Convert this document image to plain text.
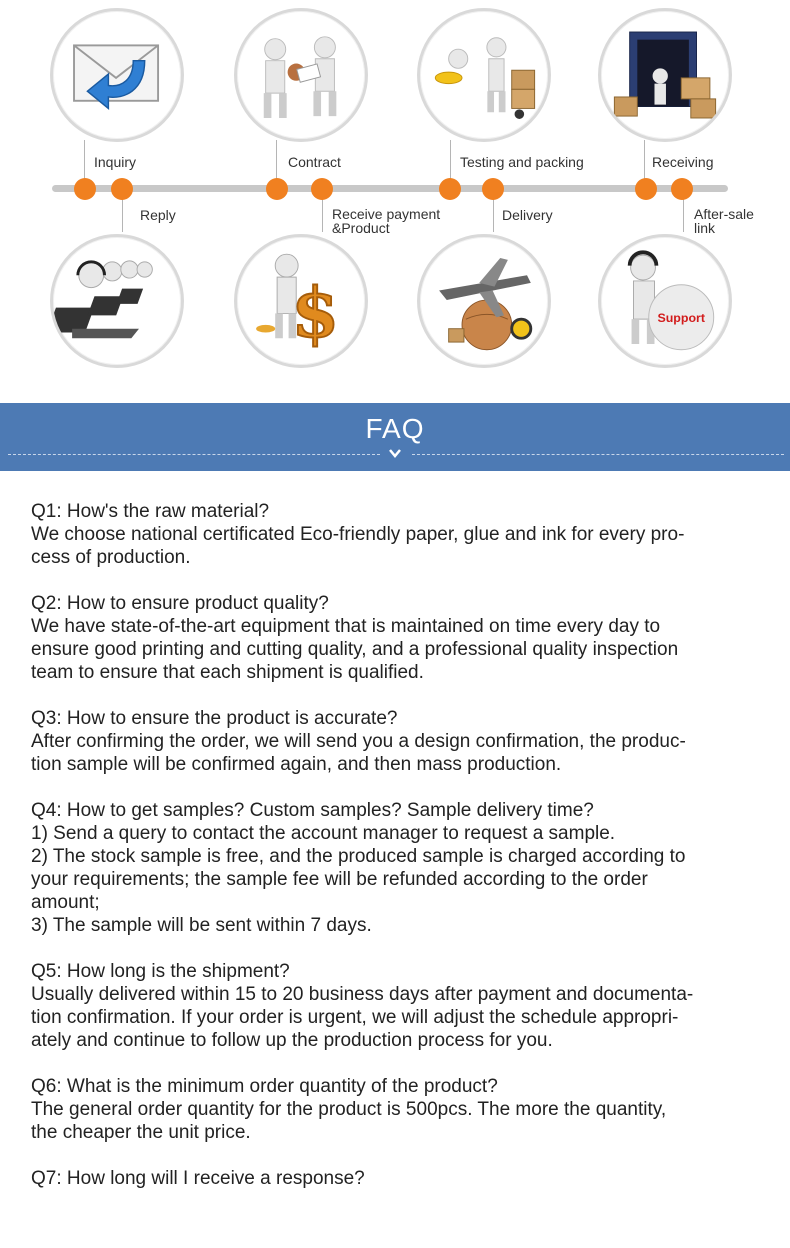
Inquiry	Contract	Testing and packing	Receiving
Reply	Receive payment
&Product
Delivery	After-sale
link
$	Support
FAQ

Q1: How's the raw material?

We choose national certificated Eco-friendly paper, glue and ink for every pro-

cess of production.

Q2: How to ensure product quality?

We have state-of-the-art equipment that is maintained on time every day to

ensure good printing and cutting quality, and a professional quality inspection

team to ensure that each shipment is qualified.

Q3: How to ensure the product is accurate?

After confirming the order, we will send you a design confirmation, the produc-

tion sample will be confirmed again, and then mass production.

Q4: How to get samples? Custom samples? Sample delivery time?

1) Send a query to contact the account manager to request a sample.

2) The stock sample is free, and the produced sample is charged according to

your requirements; the sample fee will be refunded according to the order

amount;

3) The sample will be sent within 7 days.

Q5: How long is the shipment?

Usually delivered within 15 to 20 business days after payment and documenta-

tion confirmation. If your order is urgent, we will adjust the schedule appropri-

ately and continue to follow up the production process for you.

Q6: What is the minimum order quantity of the product?

The general order quantity for the product is 500pcs. The more the quantity,

the cheaper the unit price.

Q7: How long will I receive a response?
